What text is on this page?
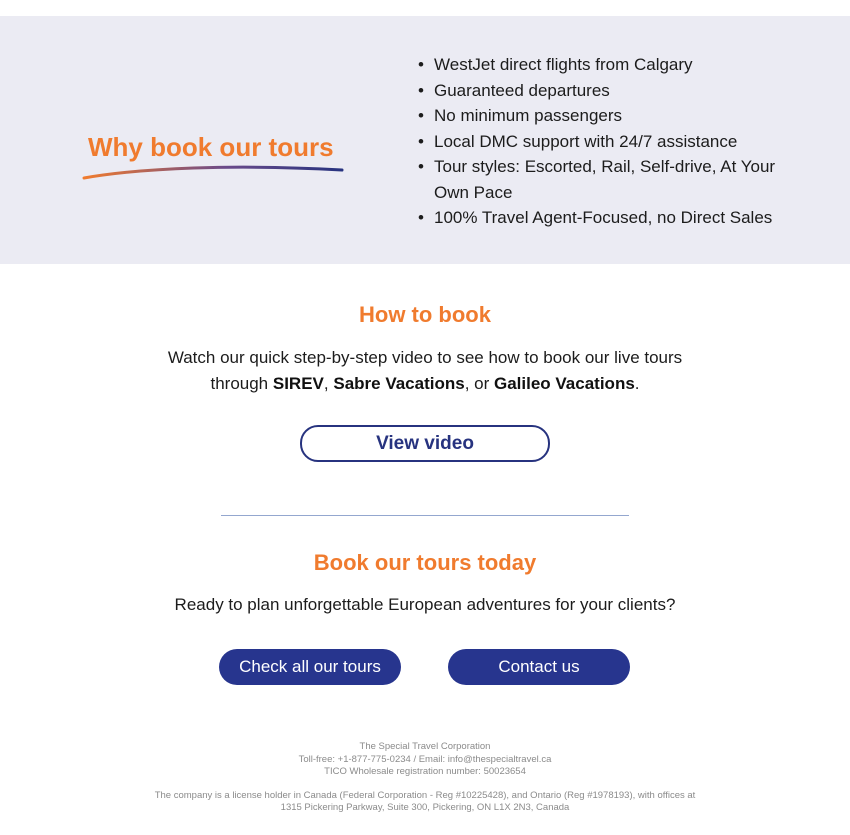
Why book our tours
• WestJet direct flights from Calgary
• Guaranteed departures
• No minimum passengers
• Local DMC support with 24/7 assistance
• Tour styles: Escorted, Rail, Self-drive, At Your Own Pace
• 100% Travel Agent-Focused, no Direct Sales
How to book

Watch our quick step-by-step video to see how to book our live tours through SIREV, Sabre Vacations, or Galileo Vacations.

View video
Book our tours today

Ready to plan unforgettable European adventures for your clients?

Check all our tours	Contact us

The Special Travel Corporation

Toll-free: +1-877-775-0234 / Email: info@thespecialtravel.ca

TICO Wholesale registration number: 50023654

The company is a license holder in Canada (Federal Corporation - Reg #10225428), and Ontario (Reg #1978193), with offices at

1315 Pickering Parkway, Suite 300, Pickering, ON L1X 2N3, Canada
